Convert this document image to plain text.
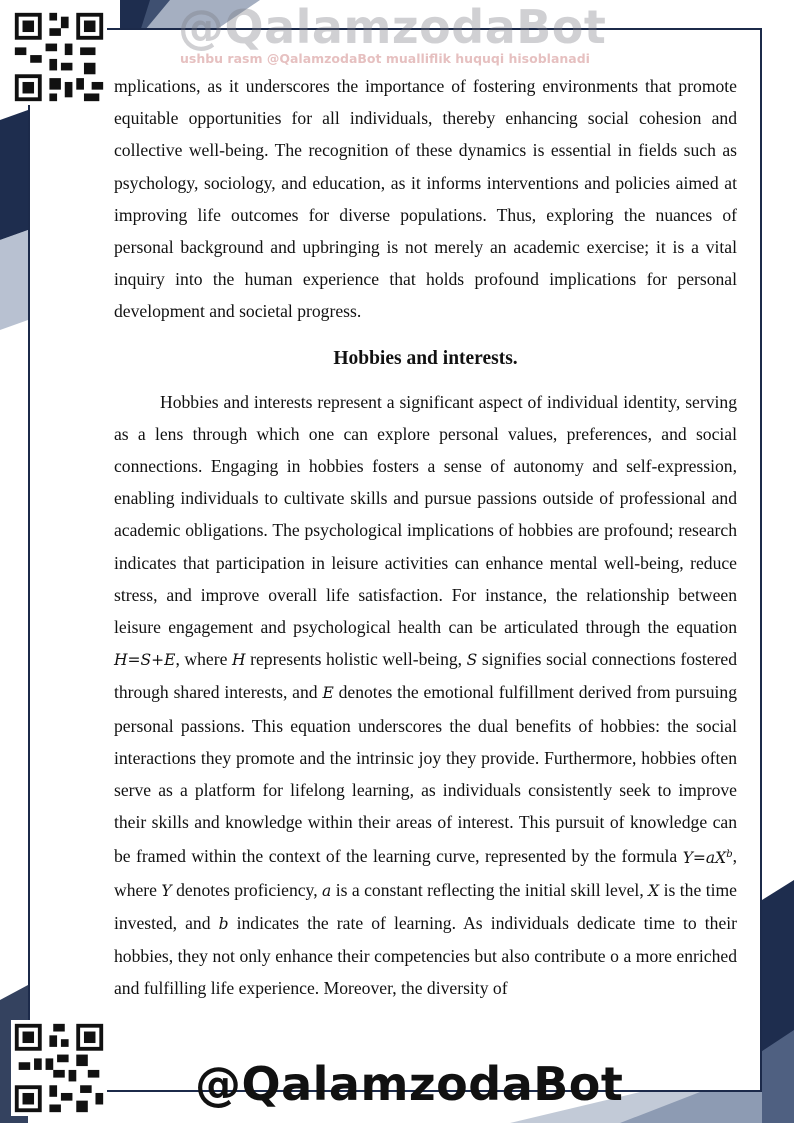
@QalamzodaBot
ushbu rasm @QalamzodaBot mualliflik huquqi hisoblanadi

mplications, as it underscores the importance of fostering environments that promote equitable opportunities for all individuals, thereby enhancing social cohesion and collective well-being. The recognition of these dynamics is essential in fields such as psychology, sociology, and education, as it informs interventions and policies aimed at improving life outcomes for diverse populations. Thus, exploring the nuances of personal background and upbringing is not merely an academic exercise; it is a vital inquiry into the human experience that holds profound implications for personal development and societal progress.

Hobbies and interests.

Hobbies and interests represent a significant aspect of individual identity, serving as a lens through which one can explore personal values, preferences, and social connections. Engaging in hobbies fosters a sense of autonomy and self-expression, enabling individuals to cultivate skills and pursue passions outside of professional and academic obligations. The psychological implications of hobbies are profound; research indicates that participation in leisure activities can enhance mental well-being, reduce stress, and improve overall life satisfaction. For instance, the relationship between leisure engagement and psychological health can be articulated through the equation H=S+E, where H represents holistic well-being, S signifies social connections fostered through shared interests, and E denotes the emotional fulfillment derived from pursuing personal passions. This equation underscores the dual benefits of hobbies: the social interactions they promote and the intrinsic joy they provide. Furthermore, hobbies often serve as a platform for lifelong learning, as individuals consistently seek to improve their skills and knowledge within their areas of interest. This pursuit of knowledge can be framed within the context of the learning curve, represented by the formula $Y=aX^b$, where Y denotes proficiency, a is a constant reflecting the initial skill level, X is the time invested, and b indicates the rate of learning. As individuals dedicate time to their hobbies, they not only enhance their competencies but also contribute o a more enriched and fulfilling life experience. Moreover, the diversity of

@QalamzodaBot
